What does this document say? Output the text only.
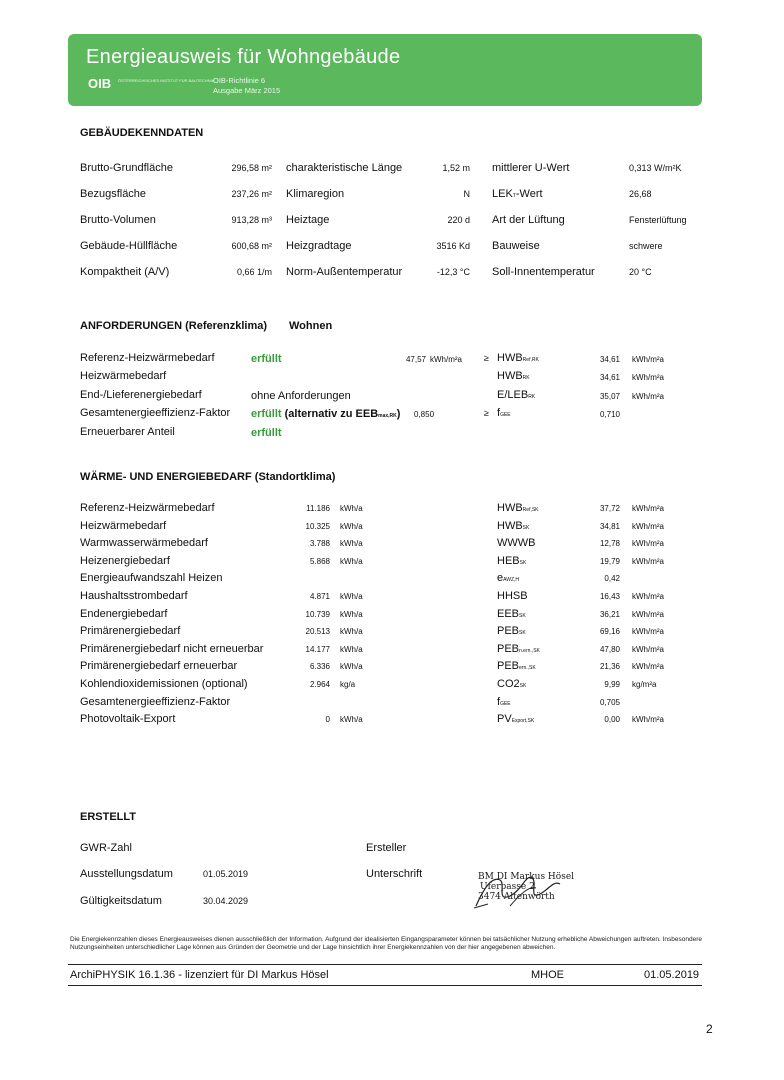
Energieausweis für Wohngebäude
OIB ÖSTERREICHISCHES INSTITUT FÜR BAUTECHNIK
OIB-Richtlinie 6
Ausgabe März 2015
GEBÄUDEKENNDATEN
Brutto-Grundfläche	296,58 m² charakteristische Länge	1,52 m mittlerer U-Wert	0,313 W/m²K
Bezugsfläche	237,26 m² Klimaregion	N LEKT-Wert	26,68
Brutto-Volumen	913,28 m³ Heiztage	220 d Art der Lüftung	Fensterlüftung
Gebäude-Hüllfläche	600,68 m² Heizgradtage	3516 Kd Bauweise	schwere
Kompaktheit (A/V)	0,66 1/m Norm-Außentemperatur	-12,3 °C Soll-Innentemperatur	20 °C
ANFORDERUNGEN (Referenzklima) Wohnen
Referenz-Heizwärmebedarf	erfüllt	47,57 kWh/m²a ≥ HWBRef,RK	34,61 kWh/m²a
Heizwärmebedarf	HWBRK	34,61 kWh/m²a
End-/Lieferenergiebedarf	ohne Anforderungen	E/LEBRK	35,07 kWh/m²a
Gesamtenergieeffizienz-Faktor erfüllt (alternativ zu EEBmax,RK) 0,850	≥ fGEE	0,710
Erneuerbarer Anteil	erfüllt
WÄRME- UND ENERGIEBEDARF (Standortklima)
Referenz-Heizwärmebedarf	11.186 kWh/a	HWBRef,SK	37,72 kWh/m²a
Heizwärmebedarf	10.325 kWh/a	HWBSK	34,81 kWh/m²a
Warmwasserwärmebedarf	3.788 kWh/a	WWWB	12,78 kWh/m²a
Heizenergiebedarf	5.868 kWh/a	HEBSK	19,79 kWh/m²a
Energieaufwandszahl Heizen	eAWZ,H	0,42
Haushaltsstrombedarf	4.871 kWh/a	HHSB	16,43 kWh/m²a
Endenergiebedarf	10.739 kWh/a	EEBSK	36,21 kWh/m²a
Primärenergiebedarf	20.513 kWh/a	PEBSK	69,16 kWh/m²a
Primärenergiebedarf nicht erneuerbar	14.177 kWh/a	PEBn.ern.,SK	47,80 kWh/m²a
Primärenergiebedarf erneuerbar	6.336 kWh/a	PEBern.,SK	21,36 kWh/m²a
Kohlendioxidemissionen (optional)	2.964 kg/a	CO2SK	9,99 kg/m²a
Gesamtenergieeffizienz-Faktor	fGEE	0,705
Photovoltaik-Export	0 kWh/a	PVExport,SK	0,00 kWh/m²a
ERSTELLT
GWR-Zahl
Ausstellungsdatum	01.05.2019
Gültigkeitsdatum	30.04.2029
Ersteller
Unterschrift	BM DI Markus Hösel
Uferpasse 2
3474 Altenwörth
Die Energiekennzahlen dieses Energieausweises dienen ausschließlich der Information. Aufgrund der idealisierten Eingangsparameter können bei tatsächlicher Nutzung erhebliche Abweichungen auftreten. Insbesondere Nutzungseinheiten unterschiedlicher Lage können aus Gründen der Geometrie und der Lage hinsichtlich ihrer Energiekennzahlen von der hier angegebenen abweichen.
ArchiPHYSIK 16.1.36 - lizenziert für DI Markus Hösel	MHOE	01.05.2019
2
